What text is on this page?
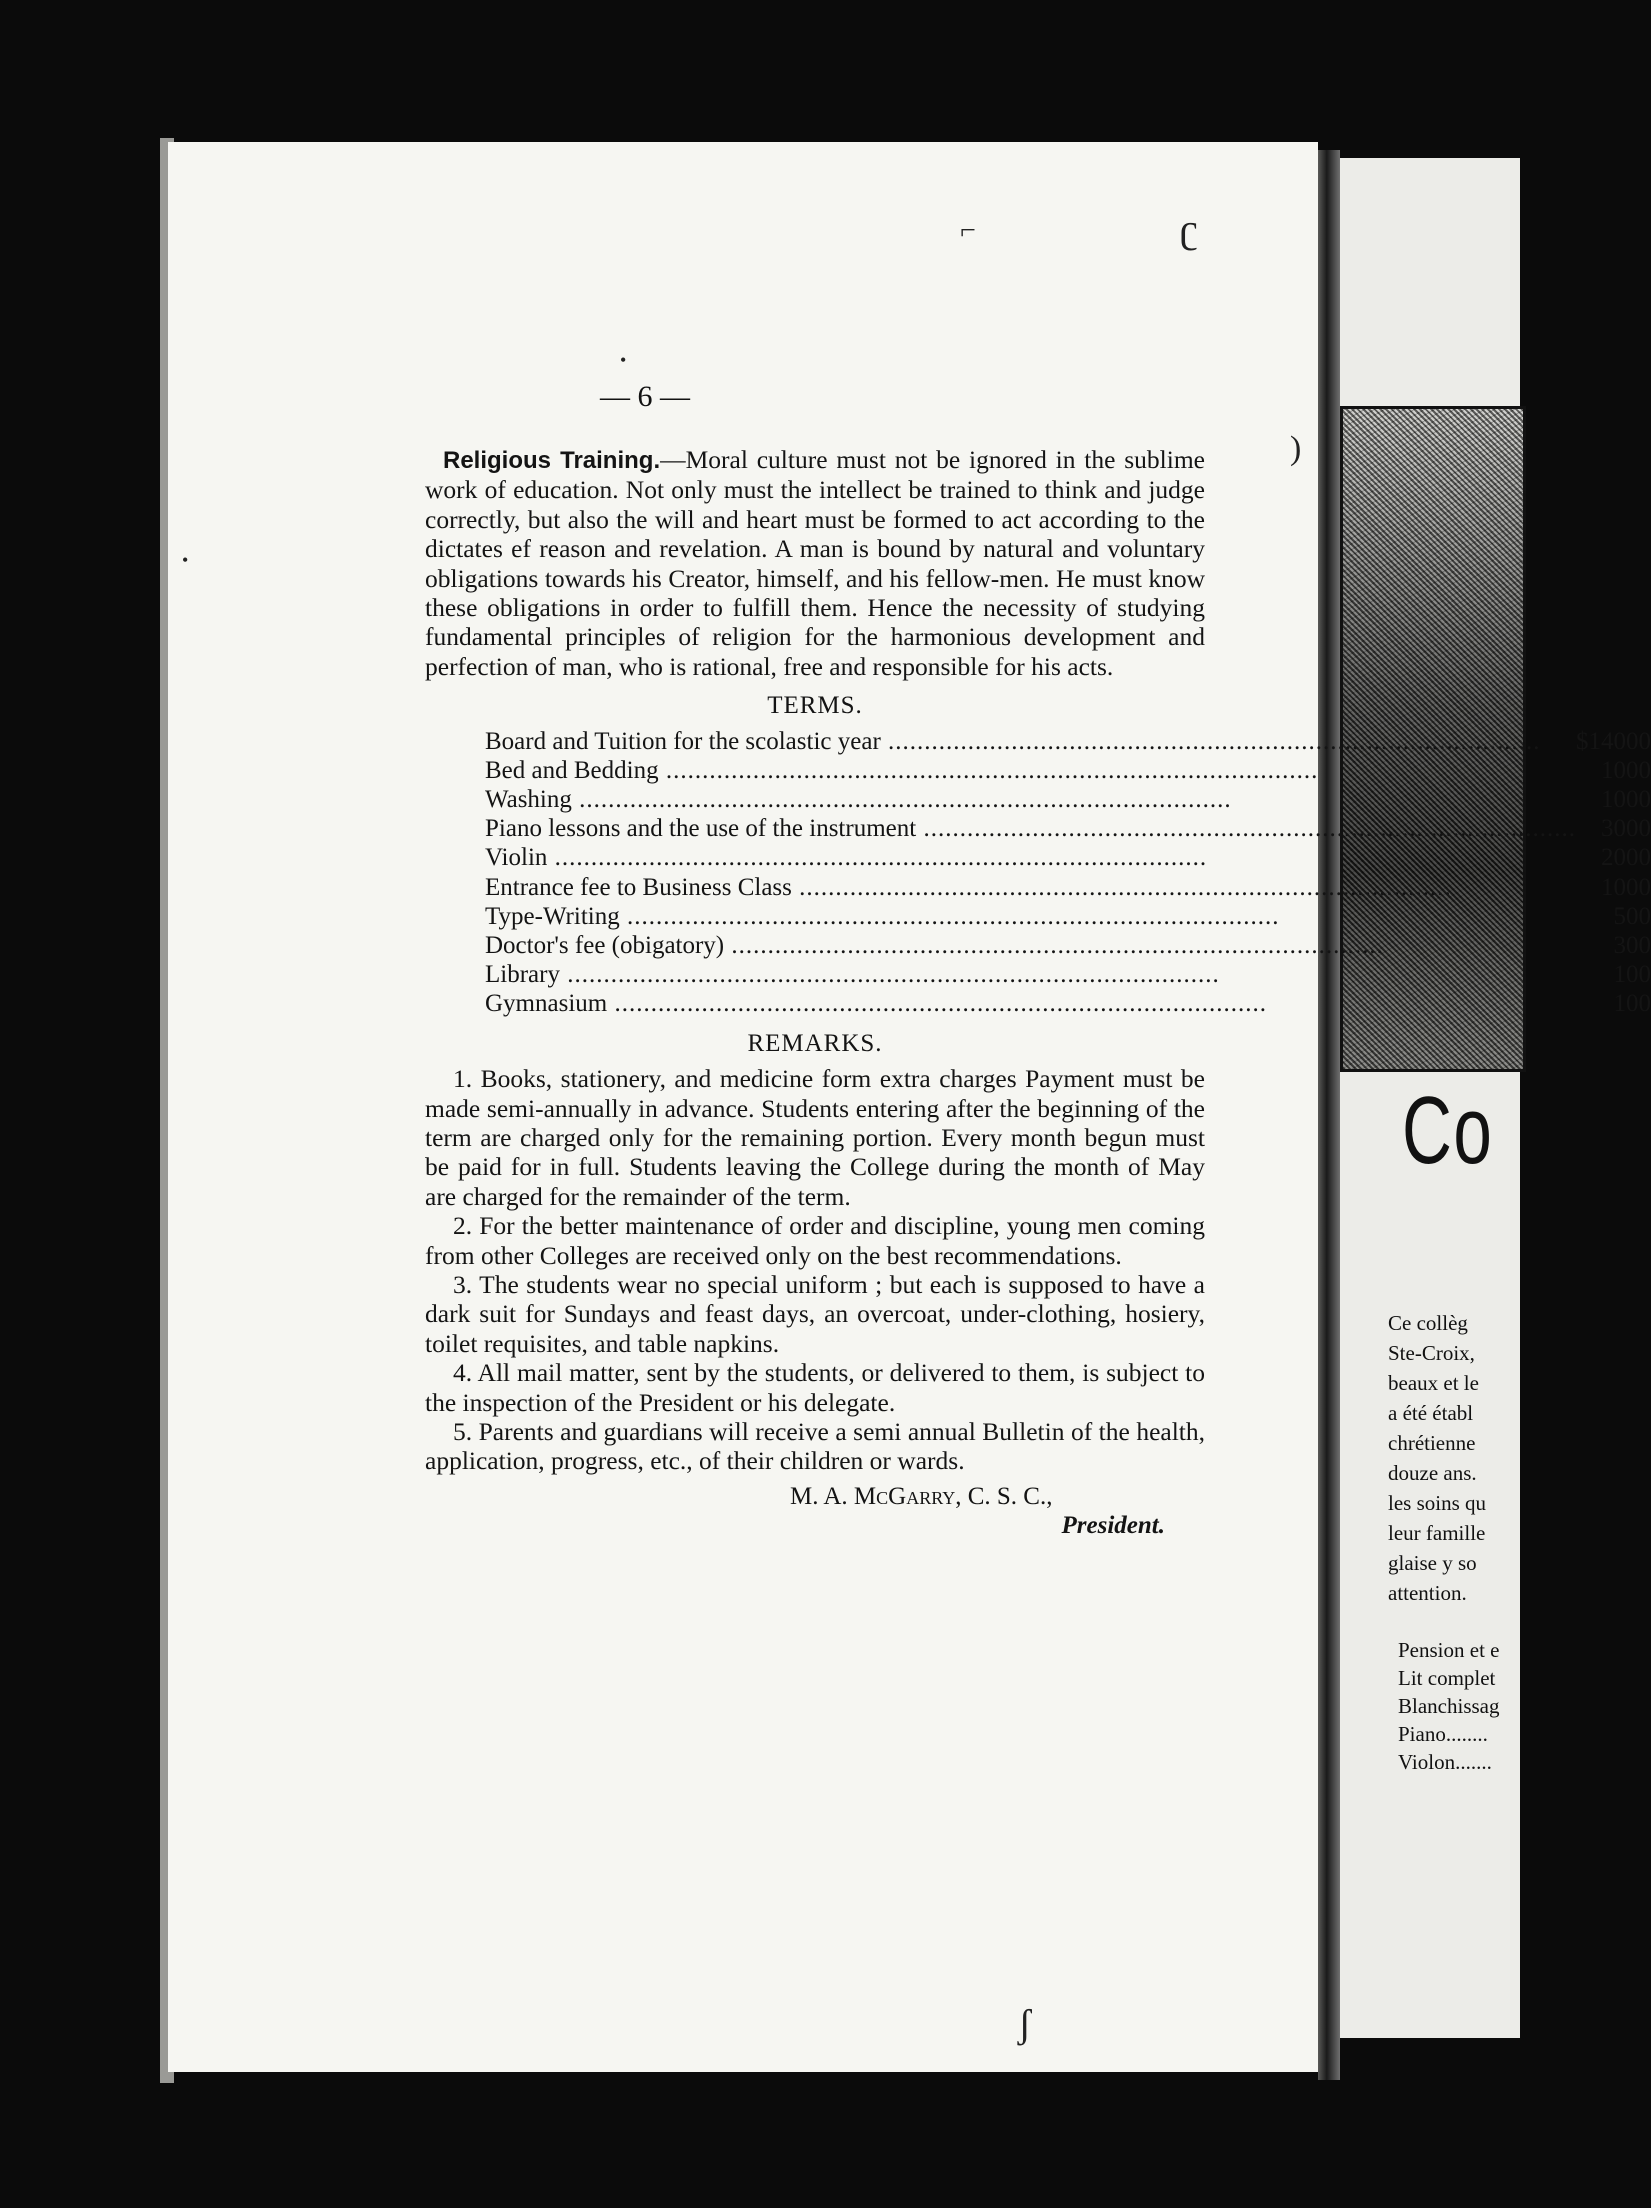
Co
Ce collèg
Ste-Croix,
beaux et le
a été établ
chrétienne
douze ans.
les soins qu
leur famille
glaise y so
attention.
Pension et e
Lit complet
Blanchissag
Piano........
Violon.......
— 6 —

Religious Training.—Moral culture must not be ignored in the sublime work of education. Not only must the intellect be trained to think and judge correctly, but also the will and heart must be formed to act according to the dictates ef reason and revelation. A man is bound by natural and voluntary obligations towards his Creator, himself, and his fellow-men. He must know these obligations in order to fulfill them. Hence the necessity of studying fundamental principles of religion for the harmonious development and perfection of man, who is rational, free and responsible for his acts.

TERMS.
Board and Tuition for the scolastic year .....	$140	00
Bed and Bedding .....	10	00
Washing .....	10	00
Piano lessons and the use of the instrument .....	30	00
Violin .....	20	00
Entrance fee to Business Class .....	10	00
Type-Writing .....	5	00
Doctor's fee (obigatory) .....	3	00
Library .....	1	00
Gymnasium .....	1	00
REMARKS.

1. Books, stationery, and medicine form extra charges Payment must be made semi-annually in advance. Students entering after the beginning of the term are charged only for the remaining portion. Every month begun must be paid for in full. Students leaving the College during the month of May are charged for the remainder of the term.

2. For the better maintenance of order and discipline, young men coming from other Colleges are received only on the best recommendations.

3. The students wear no special uniform ; but each is supposed to have a dark suit for Sundays and feast days, an overcoat, under-clothing, hosiery, toilet requisites, and table napkins.

4. All mail matter, sent by the students, or delivered to them, is subject to the inspection of the President or his delegate.

5. Parents and guardians will receive a semi annual Bulletin of the health, application, progress, etc., of their children or wards.

M. A. McGarry, C. S. C.,
President.
⌐	ʗ
ʃ
•
•
)
